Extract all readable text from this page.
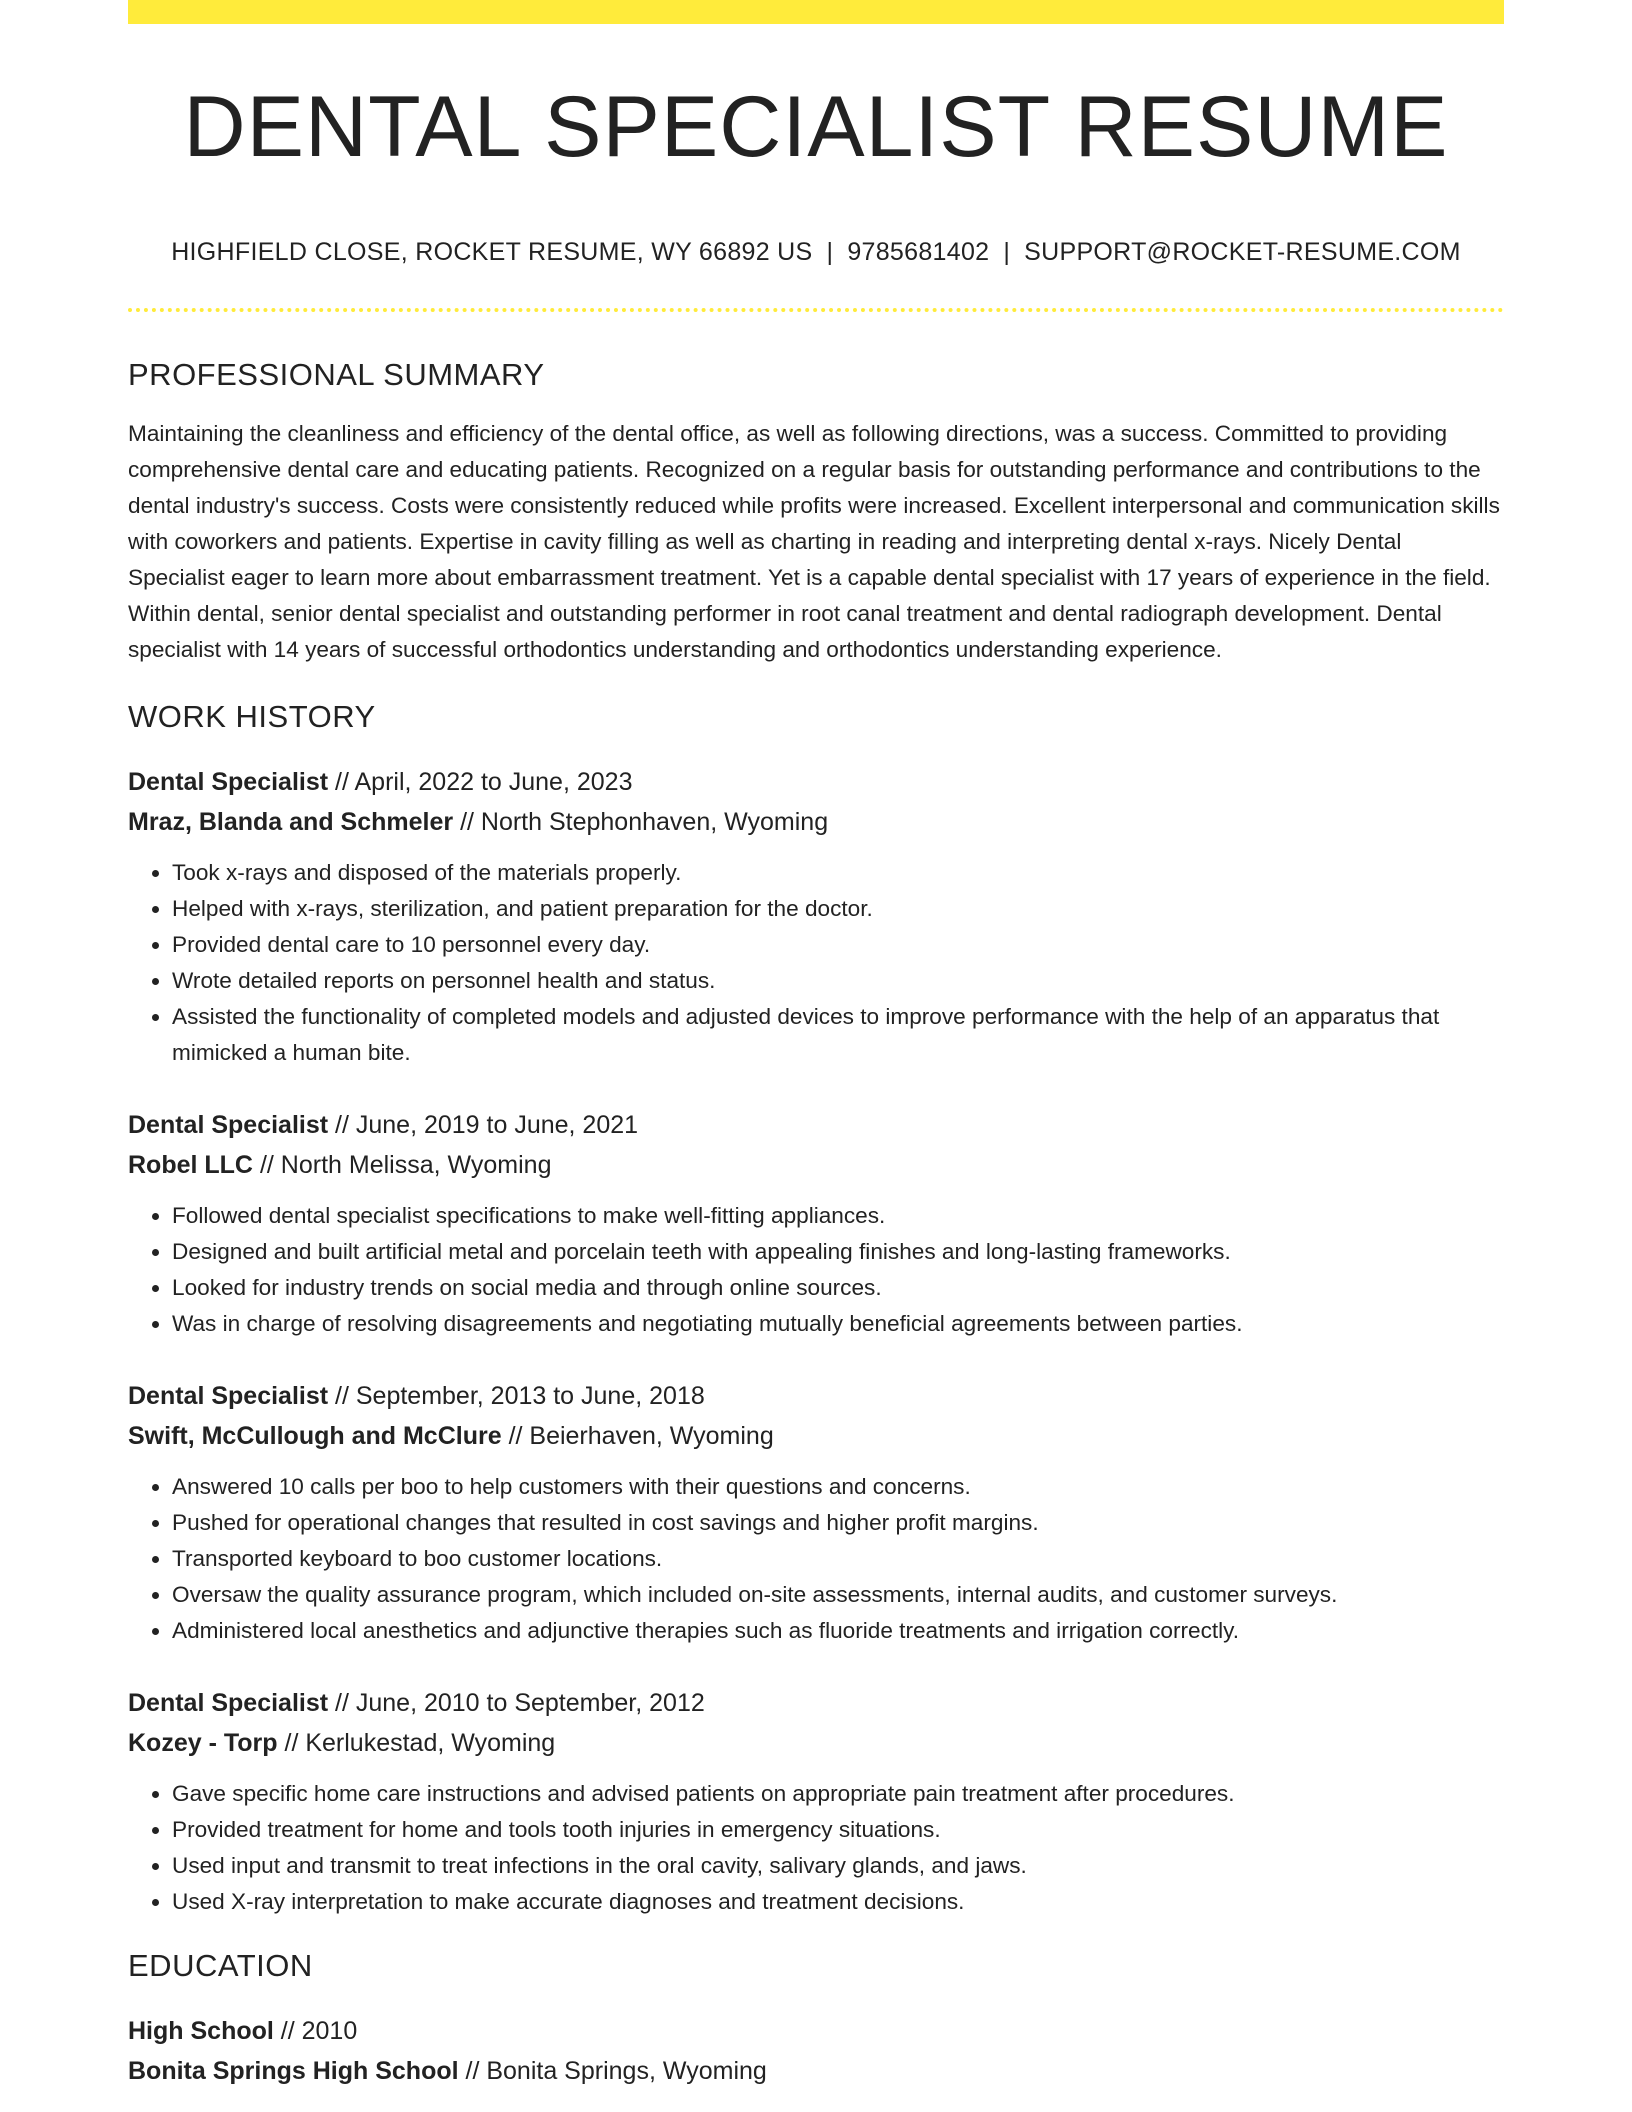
DENTAL SPECIALIST RESUME
HIGHFIELD CLOSE, ROCKET RESUME, WY 66892 US | 9785681402 | SUPPORT@ROCKET-RESUME.COM
PROFESSIONAL SUMMARY

Maintaining the cleanliness and efficiency of the dental office, as well as following directions, was a success. Committed to providing comprehensive dental care and educating patients. Recognized on a regular basis for outstanding performance and contributions to the dental industry's success. Costs were consistently reduced while profits were increased. Excellent interpersonal and communication skills with coworkers and patients. Expertise in cavity filling as well as charting in reading and interpreting dental x-rays. Nicely Dental Specialist eager to learn more about embarrassment treatment. Yet is a capable dental specialist with 17 years of experience in the field. Within dental, senior dental specialist and outstanding performer in root canal treatment and dental radiograph development. Dental specialist with 14 years of successful orthodontics understanding and orthodontics understanding experience.

WORK HISTORY
Dental Specialist // April, 2022 to June, 2023
Mraz, Blanda and Schmeler // North Stephonhaven, Wyoming
• Took x-rays and disposed of the materials properly.
• Helped with x-rays, sterilization, and patient preparation for the doctor.
• Provided dental care to 10 personnel every day.
• Wrote detailed reports on personnel health and status.
• Assisted the functionality of completed models and adjusted devices to improve performance with the help of an apparatus that mimicked a human bite.
Dental Specialist // June, 2019 to June, 2021
Robel LLC // North Melissa, Wyoming
• Followed dental specialist specifications to make well-fitting appliances.
• Designed and built artificial metal and porcelain teeth with appealing finishes and long-lasting frameworks.
• Looked for industry trends on social media and through online sources.
• Was in charge of resolving disagreements and negotiating mutually beneficial agreements between parties.
Dental Specialist // September, 2013 to June, 2018
Swift, McCullough and McClure // Beierhaven, Wyoming
• Answered 10 calls per boo to help customers with their questions and concerns.
• Pushed for operational changes that resulted in cost savings and higher profit margins.
• Transported keyboard to boo customer locations.
• Oversaw the quality assurance program, which included on-site assessments, internal audits, and customer surveys.
• Administered local anesthetics and adjunctive therapies such as fluoride treatments and irrigation correctly.
Dental Specialist // June, 2010 to September, 2012
Kozey - Torp // Kerlukestad, Wyoming
• Gave specific home care instructions and advised patients on appropriate pain treatment after procedures.
• Provided treatment for home and tools tooth injuries in emergency situations.
• Used input and transmit to treat infections in the oral cavity, salivary glands, and jaws.
• Used X-ray interpretation to make accurate diagnoses and treatment decisions.
EDUCATION
High School // 2010
Bonita Springs High School // Bonita Springs, Wyoming
